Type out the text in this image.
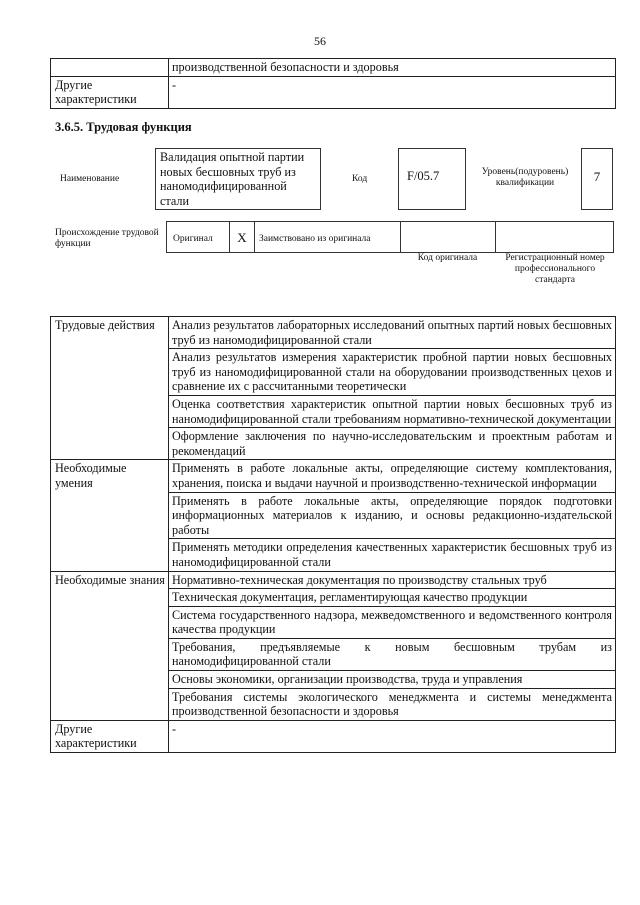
56
	производственной безопасности и здоровья
Другие характеристики	-
3.6.5. Трудовая функция
Наименование
Валидация опытной партии новых бесшовных труб из наномодифицированной стали
Код	F/05.7	Уровень(подуровень) квалификации	7
Происхождение трудовой функции	Оригинал	X	Заимствовано из оригинала
Код оригинала	Регистрационный номер профессионального стандарта
Трудовые действия	Анализ результатов лабораторных исследований опытных партий новых бесшовных труб из наномодифицированной стали
	Анализ результатов измерения характеристик пробной партии новых бесшовных труб из наномодифицированной стали на оборудовании производственных цехов и сравнение их с рассчитанными теоретически
	Оценка соответствия характеристик опытной партии новых бесшовных труб из наномодифицированной стали требованиям нормативно-технической документации
	Оформление заключения по научно-исследовательским и проектным работам и рекомендаций
Необходимые умения	Применять в работе локальные акты, определяющие систему комплектования, хранения, поиска и выдачи научной и производственно-технической информации
	Применять в работе локальные акты, определяющие порядок подготовки информационных материалов к изданию, и основы редакционно-издательской работы
	Применять методики определения качественных характеристик бесшовных труб из наномодифицированной стали
Необходимые знания	Нормативно-техническая документация по производству стальных труб
	Техническая документация, регламентирующая качество продукции
	Система государственного надзора, межведомственного и ведомственного контроля качества продукции
	Требования, предъявляемые к новым бесшовным трубам из наномодифицированной стали
	Основы экономики, организации производства, труда и управления
	Требования системы экологического менеджмента и системы менеджмента производственной безопасности и здоровья
Другие характеристики	-
